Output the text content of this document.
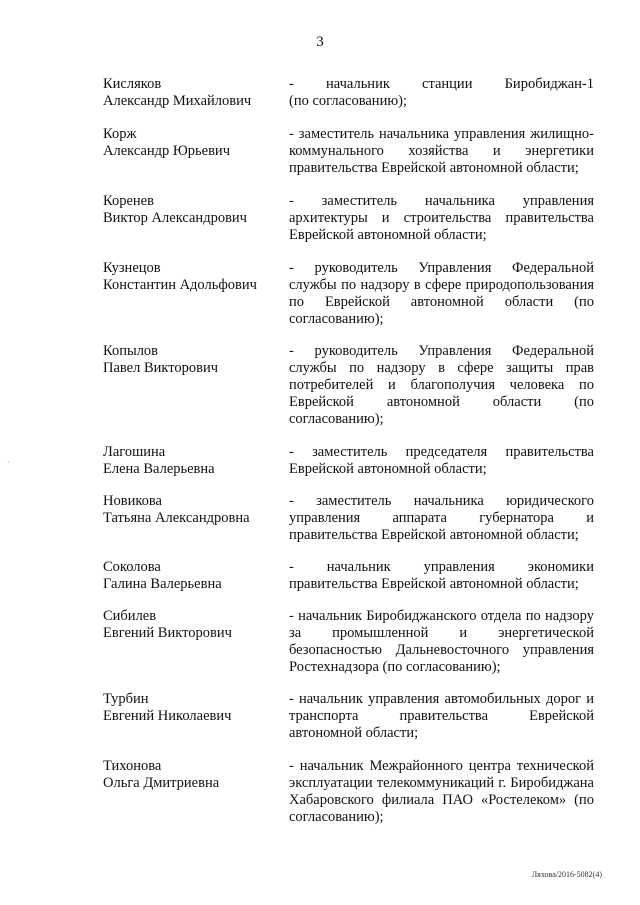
3
·
Кисляков
Александр Михайлович
-        начальник        станции        Биробиджан-1 (по согласованию);
Корж
Александр Юрьевич
- заместитель начальника управления жилищно-коммунального хозяйства и энергетики правительства Еврейской автономной области;
Коренев
Виктор Александрович
- заместитель начальника управления архитектуры и строительства правительства Еврейской автономной области;
Кузнецов
Константин Адольфович
- руководитель Управления Федеральной службы по надзору в сфере природопользования по Еврейской автономной области (по согласованию);
Копылов
Павел Викторович
- руководитель Управления Федеральной службы по надзору в сфере защиты прав потребителей и благополучия человека по Еврейской автономной области (по согласованию);
Лагошина
Елена Валерьевна
- заместитель председателя правительства Еврейской автономной области;
Новикова
Татьяна Александровна
- заместитель начальника юридического управления аппарата губернатора и правительства Еврейской автономной области;
Соколова
Галина Валерьевна
- начальник управления экономики правительства Еврейской автономной области;
Сибилев
Евгений Викторович
- начальник Биробиджанского отдела по надзору за промышленной и энергетической безопасностью Дальневосточного управления Ростехнадзора (по согласованию);
Турбин
Евгений Николаевич
- начальник управления автомобильных дорог и транспорта правительства Еврейской автономной области;
Тихонова
Ольга Дмитриевна
- начальник Межрайонного центра технической эксплуатации телекоммуникаций г. Биробиджана Хабаровского филиала ПАО «Ростелеком» (по согласованию);
Ляхова/2016-5082(4)
